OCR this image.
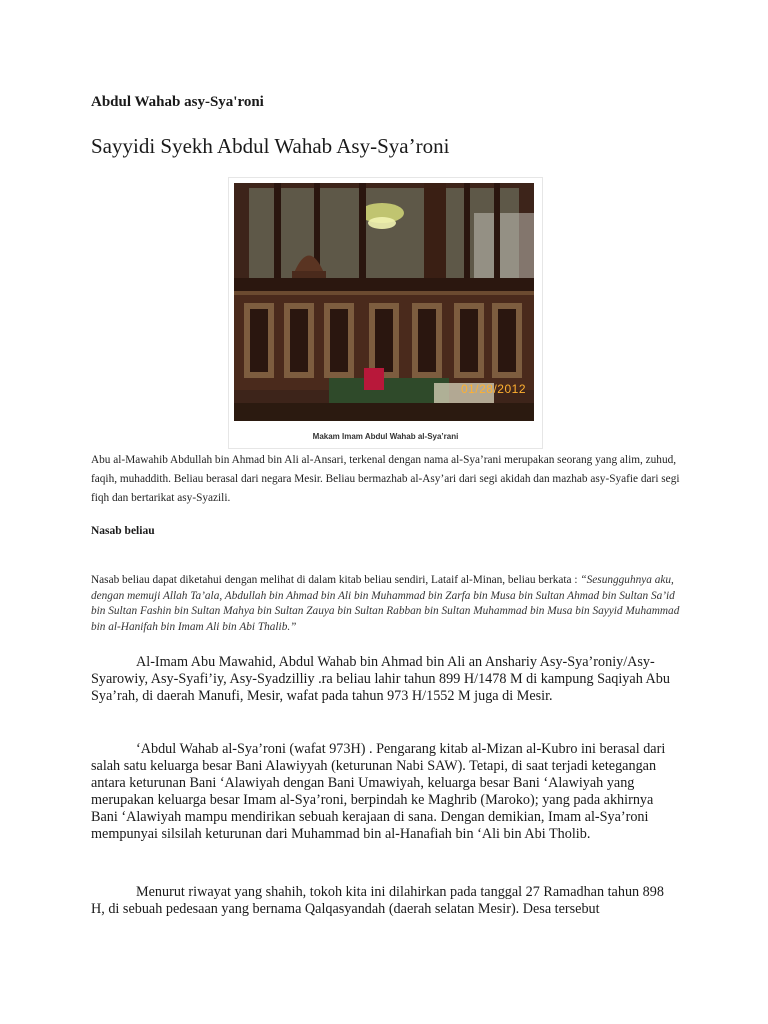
Abdul Wahab asy-Sya'roni
Sayyidi Syekh Abdul Wahab Asy-Sya’roni
01/28/2012
Makam Imam Abdul Wahab al-Sya’rani

Abu al-Mawahib Abdullah bin Ahmad bin Ali al-Ansari, terkenal dengan nama al-Sya’rani merupakan seorang yang alim, zuhud, faqih, muhaddith. Beliau berasal dari negara Mesir. Beliau bermazhab al-Asy’ari dari segi akidah dan mazhab asy-Syafie dari segi fiqh dan bertarikat asy-Syazili.

Nasab beliau

Nasab beliau dapat diketahui dengan melihat di dalam kitab beliau sendiri, Lataif al-Minan, beliau berkata : “Sesungguhnya aku, dengan memuji Allah Ta’ala, Abdullah bin Ahmad bin Ali bin Muhammad bin Zarfa bin Musa bin Sultan Ahmad bin Sultan Sa’id bin Sultan Fashin bin Sultan Mahya bin Sultan Zauya bin Sultan Rabban bin Sultan Muhammad bin Musa bin Sayyid Muhammad bin al-Hanifah bin Imam Ali bin Abi Thalib.”

Al-Imam Abu Mawahid, Abdul Wahab bin Ahmad bin Ali an Anshariy Asy-Sya’roniy/Asy-Syarowiy, Asy-Syafi’iy, Asy-Syadzilliy .ra beliau lahir tahun 899 H/1478 M di kampung Saqiyah Abu Sya’rah, di daerah Manufi, Mesir, wafat pada tahun 973 H/1552 M juga di Mesir.

‘Abdul Wahab al-Sya’roni (wafat 973H) . Pengarang kitab al-Mizan al-Kubro ini berasal dari salah satu keluarga besar Bani Alawiyyah (keturunan Nabi SAW). Tetapi, di saat terjadi ketegangan antara keturunan Bani ‘Alawiyah dengan Bani Umawiyah, keluarga besar Bani ‘Alawiyah yang merupakan keluarga besar Imam al-Sya’roni, berpindah ke Maghrib (Maroko); yang pada akhirnya Bani ‘Alawiyah mampu mendirikan sebuah kerajaan di sana. Dengan demikian, Imam al-Sya’roni mempunyai silsilah keturunan dari Muhammad bin al-Hanafiah bin ‘Ali bin Abi Tholib.

Menurut riwayat yang shahih, tokoh kita ini dilahirkan pada tanggal 27 Ramadhan tahun 898 H, di sebuah pedesaan yang bernama Qalqasyandah (daerah selatan Mesir). Desa tersebut
